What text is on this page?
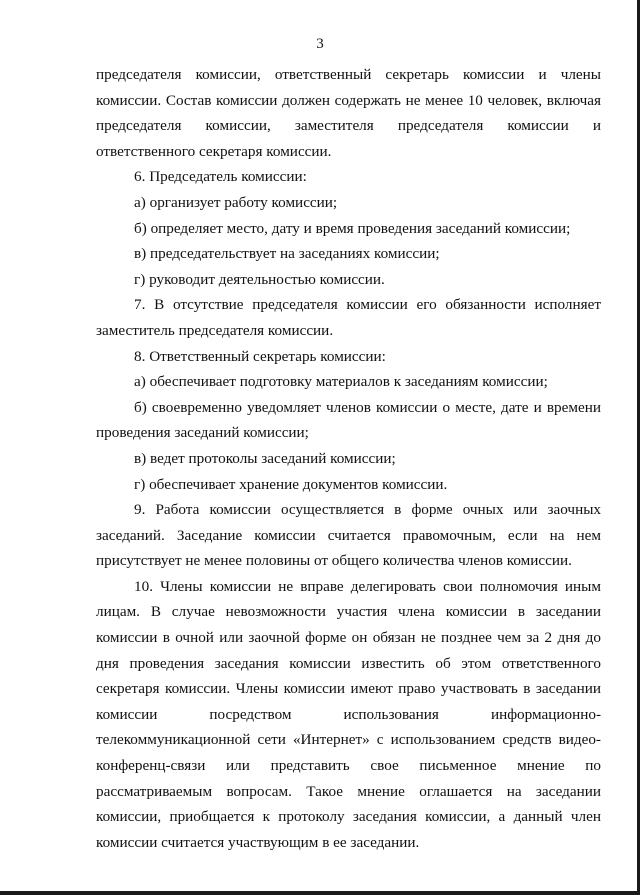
3

председателя комиссии, ответственный секретарь комиссии и члены комиссии. Состав комиссии должен содержать не менее 10 человек, включая председателя комиссии, заместителя председателя комиссии и ответственного секретаря комиссии.

6. Председатель комиссии:

а) организует работу комиссии;

б) определяет место, дату и время проведения заседаний комиссии;

в) председательствует на заседаниях комиссии;

г) руководит деятельностью комиссии.

7. В отсутствие председателя комиссии его обязанности исполняет заместитель председателя комиссии.

8. Ответственный секретарь комиссии:

а) обеспечивает подготовку материалов к заседаниям комиссии;

б) своевременно уведомляет членов комиссии о месте, дате и времени проведения заседаний комиссии;

в) ведет протоколы заседаний комиссии;

г) обеспечивает хранение документов комиссии.

9. Работа комиссии осуществляется в форме очных или заочных заседаний. Заседание комиссии считается правомочным, если на нем присутствует не менее половины от общего количества членов комиссии.

10. Члены комиссии не вправе делегировать свои полномочия иным лицам. В случае невозможности участия члена комиссии в заседании комиссии в очной или заочной форме он обязан не позднее чем за 2 дня до дня проведения заседания комиссии известить об этом ответственного секретаря комиссии. Члены комиссии имеют право участвовать в заседании комиссии посредством использования информационно-телекоммуникационной сети «Интернет» с использованием средств видео-конференц-связи или представить свое письменное мнение по рассматриваемым вопросам. Такое мнение оглашается на заседании комиссии, приобщается к протоколу заседания комиссии, а данный член комиссии считается участвующим в ее заседании.
